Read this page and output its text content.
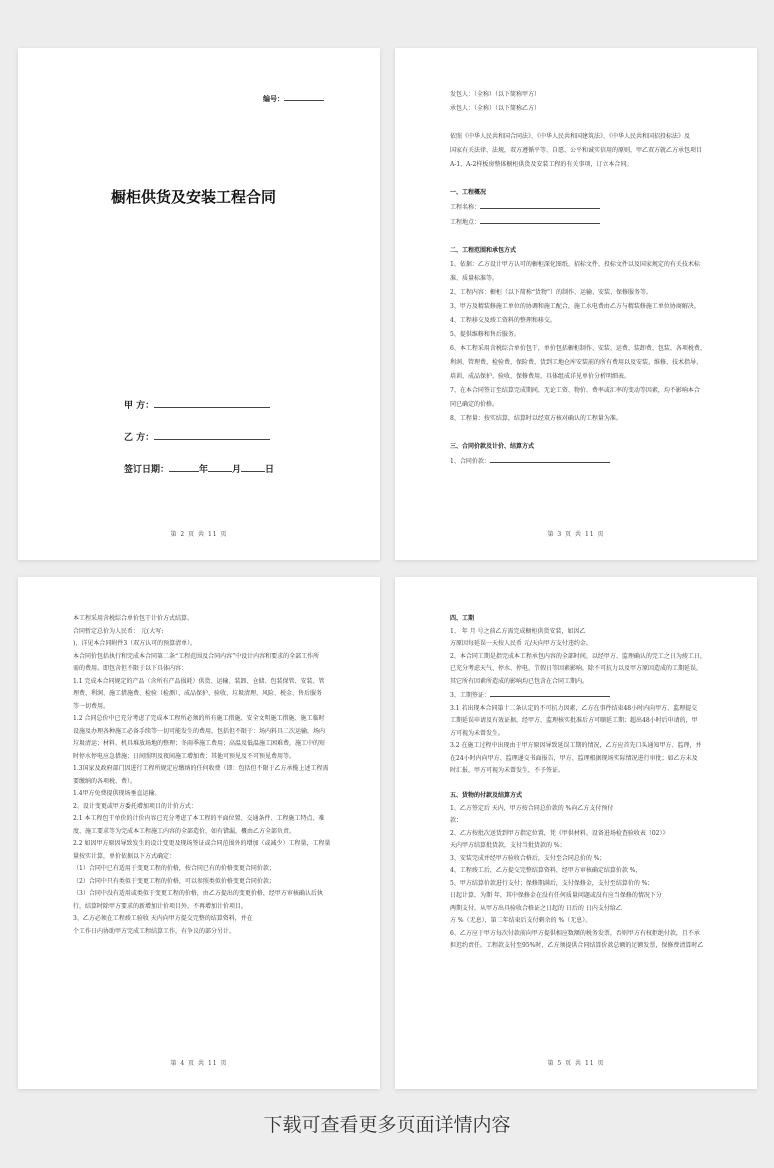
编号：
橱柜供货及安装工程合同
甲 方：
乙 方：
签订日期：	年	月	日
第 2 页 共 11 页
发包人：（全称）（以下简称甲方）
承包人：（全称）（以下简称乙方）

依照《中华人民共和国合同法》、《中华人民共和国建筑法》、《中华人民共和国招投标法》及
国家有关法律、法规，双方遵循平等、自愿、公平和诚实信用的原则，甲乙双方就乙方承包项目
A-1、A-2样板房整体橱柜供货及安装工程的有关事项，订立本合同。

一、工程概况
工程名称：
工程地点：

二、工程范围和承包方式
1、依据：乙方设计甲方认可的橱柜深化图纸、招标文件、投标文件以及国家规定的有关技术标
准、质量标准等。
2、工程内容：橱柜（以下简称“货物”）的制作、运输、安装、保修服务等。
3、甲方及精装修施工单位的协调和施工配合，施工水电费由乙方与精装修施工单位协商解决。
4、工程移交及竣工资料的整理和移交。
5、提供维修和售后服务。
6、本工程采用含税综合单价包干，单价包括橱柜制作、安装、运费、装卸费、包装、各项税费、
利润、管理费、检验费、保险费、货到工地仓库安装前的所有费用以及安装、维修、技术指导、
培训、成品保护、验收、保修费用，具体组成详见单价分析明细表。
7、在本合同签订至结算完成期间，无论工资、物价、费率或汇率的变动等因素，均不影响本合
同已确定的价格。
8、工程量：按实结算，结算时以经双方核对确认的工程量为准。

三、合同价款及计价、结算方式
1、合同价款：
第 3 页 共 11 页
本工程采用含税综合单价包干计价方式结算。
合同暂定总价为人民币： 元(大写:
)，详见本合同附件3（双方认可的预算清单）。
本合同价包括执行和完成本合同第二条“工程范围及合同内容”中设计内容和要求的全部工作所
需的费用。即包含但不限于以下具体内容：
1.1 完成本合同规定的产品（含所有产品损耗）供货、运输、装卸、仓储、包装保管、安装、管
理费、利润、施工措施费、检验（检测）、成品保护、验收、垃圾清理、风险、税金、售后服务
等一切费用。
1.2 合同总价中已充分考虑了完成本工程所必须的所有施工措施、安全文明施工措施、施工临时
设施及办理各种施工必备手续等一切可能发生的费用，包括但不限于：场内料具二次运输，场内
垃圾清运；材料、机具堆放场地的整理；冬雨季施工费用；高温及低温施工困难费，施工中的短
时停水停电应急措施；日间照明及夜间施工增加费；其他可预见及不可预见费用等。
1.3国家及政府部门因进行工程所规定应缴纳的任何收费（即：包括但不限于乙方承揽上述工程需
要缴纳的各项税、费）。
1.4甲方免费提供现场垂直运输。
2、设计变更或甲方委托增加项目的计价方式：
2.1 本工程包干单价的计价内容已充分考虑了本工程的平面位置、交通条件、工程施工特点、难
度、施工要求等为完成本工程施工内容的全部造价，如有错漏，概由乙方全部负责。
2.2 如因甲方原因导致发生的设计变更及现场签证或合同范围外的增加（或减少）工程量，工程量
量按实计算，单价依据以下方式确定：
（1）合同中已有适用于变更工程的价格，按合同已有的价格变更合同价款；
（2）合同中只有类似于变更工程的价格，可以参照类似价格变更合同价款；
（3）合同中没有适用或类似于变更工程的价格，由乙方提出的变更价格，经甲方审核确认后执
行，结算时除甲方要求的新增加计价项目外，不再增加计价项目。
3、乙方必须在工程竣工验收 天内向甲方提交完整的结算资料，并在
个工作日内协助甲方完成工程结算工作，有争议的部分另计。
第 4 页 共 11 页
四、工期
1、 年 月 号之前乙方需完成橱柜供货安装，如因乙
方原因每延误一天按人民币 元/天向甲方支付违约金。
2、本合同工期是指完成本工程承包内容的全部时间，以经甲方、监理确认的完工之日为竣工日，
已充分考虑天气、停水、停电、节假日等因素影响，除不可抗力以及甲方原因造成的工期延误，
其它所有因素所造成的影响均已包含在合同工期内。
3、工期签证：
3.1 若出现本合同第十二条认定的不可抗力因素，乙方在事件结束48小时内向甲方、监理提交
工期延误申请及有效证据，经甲方、监理核实批准后方可顺延工期；超出48小时后申请的，甲
方可视为未曾发生。
3.2 在施工过程中出现由于甲方原因导致延误工期的情况，乙方应首先口头通知甲方、监理，并
在24小时内向甲方、监理递交书面报告，甲方、监理根据现场实际情况进行审批；如乙方未及
时汇报，甲方可视为未曾发生，不予签证。

五、货物的付款及结算方式
1、乙方签定后 天内，甲方按合同总价款的 %向乙方支付预付
款；
2、乙方按批次送货到甲方指定位置，凭《甲供材料、设备进场检查验收表（02）》
天内甲方结算批货款，支付当批货款的 %；
3、安装完成并经甲方验收合格后，支付至合同总价的 %；
4、工程竣工后，乙方提交完整结算资料，经甲方审核确定结算价款 %，
5、甲方结算价款进行支付；保修期满后，支付保修金，支付至结算价的 %；
日起计算，为期 年，其中保修金在没有任何质量问题或没有应当保修的情况下分
两期支付，从甲方出具验收合格证之日起的 日后的 日内支付给乙
方 %（无息），第二年结束后支付剩余的 %（无息）。
6、乙方应于甲方每次付款前向甲方提供相应数额的税务发票，否则甲方有权拒绝付款，且不承
担迟约责任。工程款支付至95%时，乙方须提供合同结算价款总额的足额发票，保修费清算时乙
第 5 页 共 11 页
下载可查看更多页面详情内容
